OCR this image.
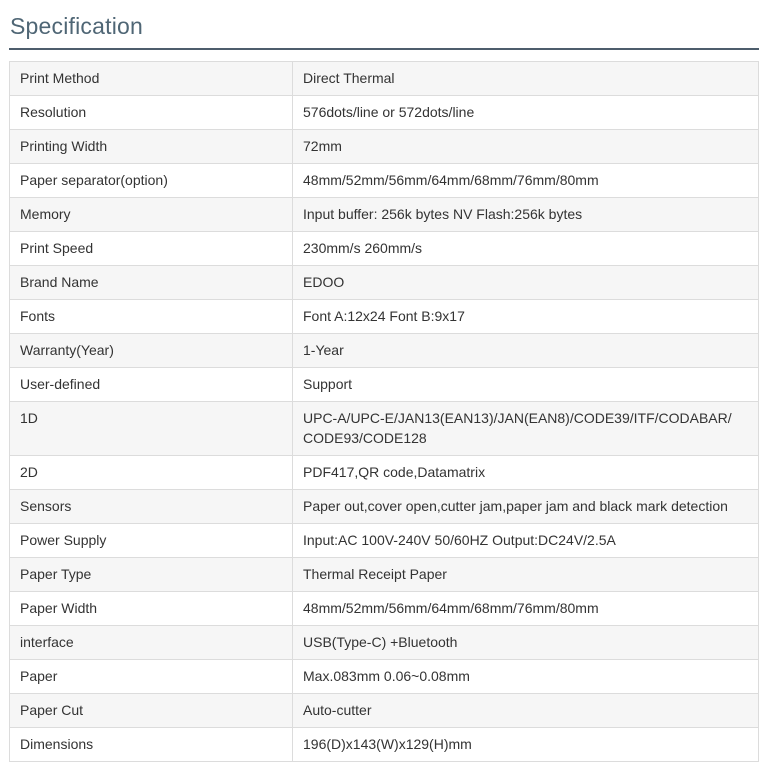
Specification
Print Method	Direct Thermal
Resolution	576dots/line or 572dots/line
Printing Width	72mm
Paper separator(option)	48mm/52mm/56mm/64mm/68mm/76mm/80mm
Memory	Input buffer: 256k bytes NV Flash:256k bytes
Print Speed	230mm/s 260mm/s
Brand Name	EDOO
Fonts	Font A:12x24 Font B:9x17
Warranty(Year)	1-Year
User-defined	Support
1D	UPC-A/UPC-E/JAN13(EAN13)/JAN(EAN8)/CODE39/ITF/CODABAR/CODE93/CODE128
2D	PDF417,QR code,Datamatrix
Sensors	Paper out,cover open,cutter jam,paper jam and black mark detection
Power Supply	Input:AC 100V-240V 50/60HZ Output:DC24V/2.5A
Paper Type	Thermal Receipt Paper
Paper Width	48mm/52mm/56mm/64mm/68mm/76mm/80mm
interface	USB(Type-C) +Bluetooth
Paper	Max.083mm 0.06~0.08mm
Paper Cut	Auto-cutter
Dimensions	196(D)x143(W)x129(H)mm
